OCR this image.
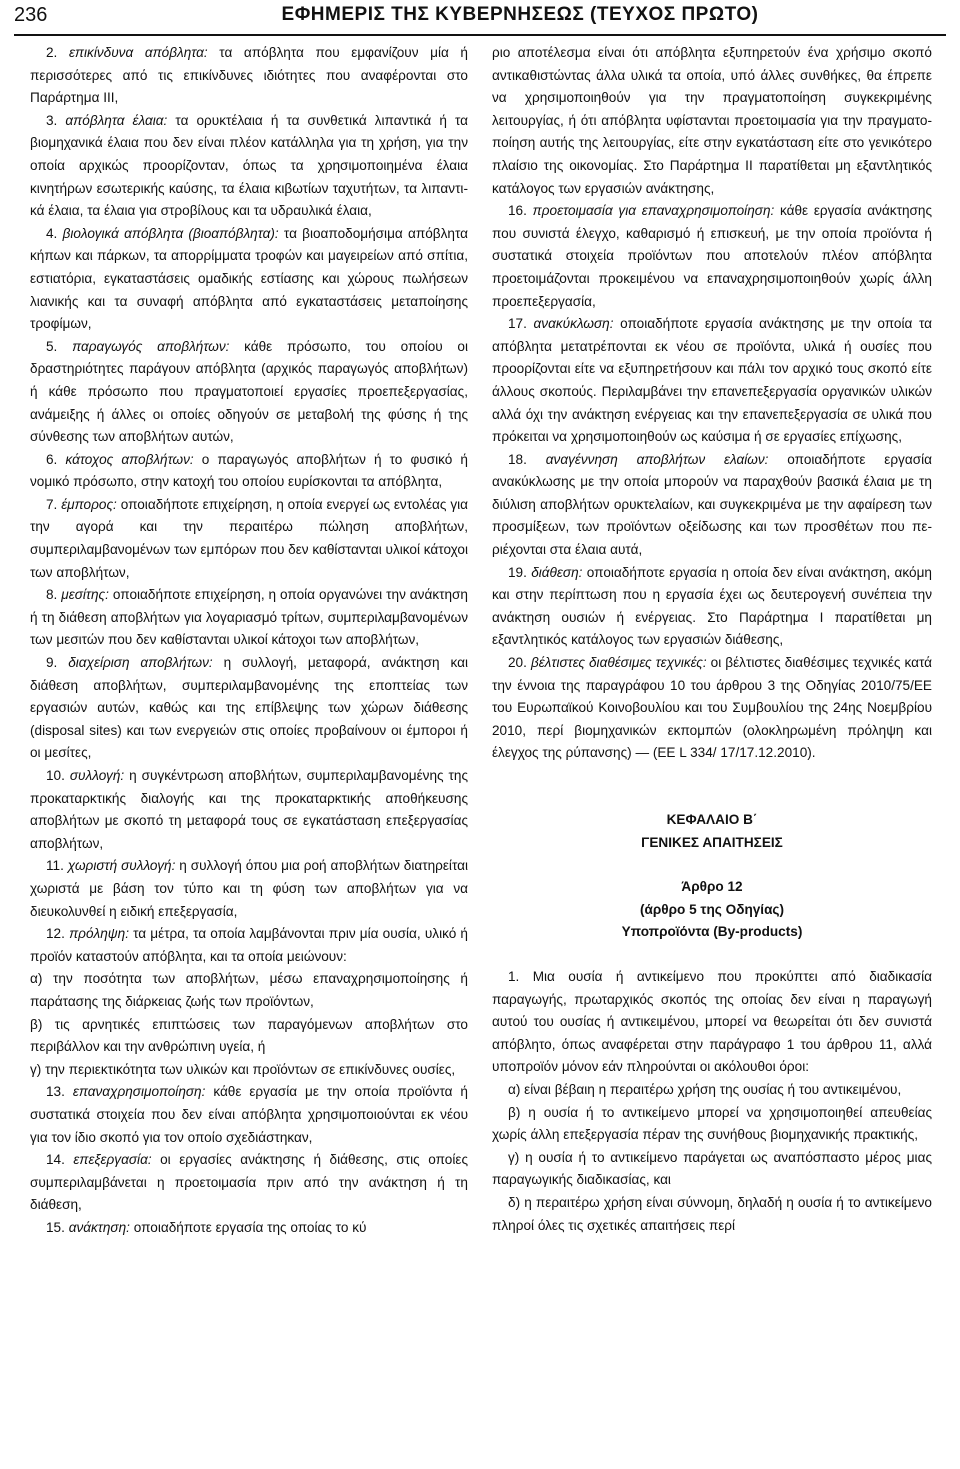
236	ΕΦΗΜΕΡΙΣ ΤΗΣ ΚΥΒΕΡΝΗΣΕΩΣ (ΤΕΥΧΟΣ ΠΡΩΤΟ)

2. επικίνδυνα απόβλητα: τα απόβλητα που εμφανίζουν μία ή περισσότερες από τις επικίνδυνες ιδιότητες που αναφέρονται στο Παράρτημα ΙΙΙ,

3. απόβλητα έλαια: τα ορυκτέλαια ή τα συνθετικά λιπαντικά ή τα βιομηχανικά έλαια που δεν είναι πλέον κατάλληλα για τη χρήση, για την οποία αρχικώς προορίζονταν, όπως τα χρησιμοποιημένα έλαια κινητήρων εσωτερικής καύσης, τα έλαια κιβωτίων ταχυτήτων, τα λιπαντικά έλαια, τα έλαια για στροβίλους και τα υδραυλικά έλαια,

4. βιολογικά απόβλητα (βιοαπόβλητα): τα βιοαποδομήσιμα απόβλητα κήπων και πάρκων, τα απορρίμματα τροφών και μαγειρείων από σπίτια, εστιατόρια, εγκαταστάσεις ομαδικής εστίασης και χώρους πωλήσεων λιανικής και τα συναφή απόβλητα από εγκαταστάσεις μεταποίησης τροφίμων,

5. παραγωγός αποβλήτων: κάθε πρόσωπο, του οποίου οι δραστηριότητες παράγουν απόβλητα (αρχικός παραγωγός αποβλήτων) ή κάθε πρόσωπο που πραγματοποιεί εργασίες προεπεξεργασίας, ανάμειξης ή άλλες οι οποίες οδηγούν σε μεταβολή της φύσης ή της σύνθεσης των αποβλήτων αυτών,

6. κάτοχος αποβλήτων: ο παραγωγός αποβλήτων ή το φυσικό ή νομικό πρόσωπο, στην κατοχή του οποίου ευρίσκονται τα απόβλητα,

7. έμπορος: οποιαδήποτε επιχείρηση, η οποία ενεργεί ως εντολέας για την αγορά και την περαιτέρω πώληση αποβλήτων, συμπεριλαμβανομένων των εμπόρων που δεν καθίστανται υλικοί κάτοχοι των αποβλήτων,

8. μεσίτης: οποιαδήποτε επιχείρηση, η οποία οργανώνει την ανάκτηση ή τη διάθεση αποβλήτων για λογαριασμό τρίτων, συμπεριλαμβανομένων των μεσιτών που δεν καθίστανται υλικοί κάτοχοι των αποβλήτων,

9. διαχείριση αποβλήτων: η συλλογή, μεταφορά, ανάκτηση και διάθεση αποβλήτων, συμπεριλαμβανομένης της εποπτείας των εργασιών αυτών, καθώς και της επίβλεψης των χώρων διάθεσης (disposal sites) και των ενεργειών στις οποίες προβαίνουν οι έμποροι ή οι μεσίτες,

10. συλλογή: η συγκέντρωση αποβλήτων, συμπεριλαμβανομένης της προκαταρκτικής διαλογής και της προκαταρκτικής αποθήκευσης αποβλήτων με σκοπό τη μεταφορά τους σε εγκατάσταση επεξεργασίας αποβλήτων,

11. χωριστή συλλογή: η συλλογή όπου μια ροή αποβλήτων διατηρείται χωριστά με βάση τον τύπο και τη φύση των αποβλήτων για να διευκολυνθεί η ειδική επεξεργασία,

12. πρόληψη: τα μέτρα, τα οποία λαμβάνονται πριν μία ουσία, υλικό ή προϊόν καταστούν απόβλητα, και τα οποία μειώνουν:

α) την ποσότητα των αποβλήτων, μέσω επαναχρησιμοποίησης ή παράτασης της διάρκειας ζωής των προϊόντων,

β) τις αρνητικές επιπτώσεις των παραγόμενων αποβλήτων στο περιβάλλον και την ανθρώπινη υγεία, ή

γ) την περιεκτικότητα των υλικών και προϊόντων σε επικίνδυνες ουσίες,

13. επαναχρησιμοποίηση: κάθε εργασία με την οποία προϊόντα ή συστατικά στοιχεία που δεν είναι απόβλητα χρησιμοποιούνται εκ νέου για τον ίδιο σκοπό για τον οποίο σχεδιάστηκαν,

14. επεξεργασία: οι εργασίες ανάκτησης ή διάθεσης, στις οποίες συμπεριλαμβάνεται η προετοιμασία πριν από την ανάκτηση ή τη διάθεση,

15. ανάκτηση: οποιαδήποτε εργασία της οποίας το κύ

ριο αποτέλεσμα είναι ότι απόβλητα εξυπηρετούν ένα χρήσιμο σκοπό αντικαθιστώντας άλλα υλικά τα οποία, υπό άλλες συνθήκες, θα έπρεπε να χρησιμοποιηθούν για την πραγματοποίηση συγκεκριμένης λειτουργίας, ή ότι απόβλητα υφίστανται προετοιμασία για την πραγματοποίηση αυτής της λειτουργίας, είτε στην εγκατάσταση είτε στο γενικότερο πλαίσιο της οικονομίας. Στο Παράρτημα ΙΙ παρατίθεται μη εξαντλητικός κατάλογος των εργασιών ανάκτησης,

16. προετοιμασία για επαναχρησιμοποίηση: κάθε εργασία ανάκτησης που συνιστά έλεγχο, καθαρισμό ή επισκευή, με την οποία προϊόντα ή συστατικά στοιχεία προϊόντων που αποτελούν πλέον απόβλητα προετοιμάζονται προκειμένου να επαναχρησιμοποιηθούν χωρίς άλλη προεπεξεργασία,

17. ανακύκλωση: οποιαδήποτε εργασία ανάκτησης με την οποία τα απόβλητα μετατρέπονται εκ νέου σε προϊόντα, υλικά ή ουσίες που προορίζονται είτε να εξυπηρετήσουν και πάλι τον αρχικό τους σκοπό είτε άλλους σκοπούς. Περιλαμβάνει την επανεπεξεργασία οργανικών υλικών αλλά όχι την ανάκτηση ενέργειας και την επανεπεξεργασία σε υλικά που πρόκειται να χρησιμοποιηθούν ως καύσιμα ή σε εργασίες επίχωσης,

18. αναγέννηση αποβλήτων ελαίων: οποιαδήποτε εργασία ανακύκλωσης με την οποία μπορούν να παραχθούν βασικά έλαια με τη διύλιση αποβλήτων ορυκτελαίων, και συγκεκριμένα με την αφαίρεση των προσμίξεων, των προϊόντων οξείδωσης και των προσθέτων που περιέχονται στα έλαια αυτά,

19. διάθεση: οποιαδήποτε εργασία η οποία δεν είναι ανάκτηση, ακόμη και στην περίπτωση που η εργασία έχει ως δευτερογενή συνέπεια την ανάκτηση ουσιών ή ενέργειας. Στο Παράρτημα Ι παρατίθεται μη εξαντλητικός κατάλογος των εργασιών διάθεσης,

20. βέλτιστες διαθέσιμες τεχνικές: οι βέλτιστες διαθέσιμες τεχνικές κατά την έννοια της παραγράφου 10 του άρθρου 3 της Οδηγίας 2010/75/ΕΕ του Ευρωπαϊκού Κοινοβουλίου και του Συμβουλίου της 24ης Νοεμβρίου 2010, περί βιομηχανικών εκπομπών (ολοκληρωμένη πρόληψη και έλεγχος της ρύπανσης) — (ΕΕ L 334/ 17/17.12.2010).

ΚΕΦΑΛΑΙΟ Β΄

ΓΕΝΙΚΕΣ ΑΠΑΙΤΗΣΕΙΣ

Άρθρο 12

(άρθρο 5 της Οδηγίας)

Υποπροϊόντα (By-products)

1. Μια ουσία ή αντικείμενο που προκύπτει από διαδικασία παραγωγής, πρωταρχικός σκοπός της οποίας δεν είναι η παραγωγή αυτού του ουσίας ή αντικειμένου, μπορεί να θεωρείται ότι δεν συνιστά απόβλητο, όπως αναφέρεται στην παράγραφο 1 του άρθρου 11, αλλά υποπροϊόν μόνον εάν πληρούνται οι ακόλουθοι όροι:

α) είναι βέβαιη η περαιτέρω χρήση της ουσίας ή του αντικειμένου,

β) η ουσία ή το αντικείμενο μπορεί να χρησιμοποιηθεί απευθείας χωρίς άλλη επεξεργασία πέραν της συνήθους βιομηχανικής πρακτικής,

γ) η ουσία ή το αντικείμενο παράγεται ως αναπόσπαστο μέρος μιας παραγωγικής διαδικασίας, και

δ) η περαιτέρω χρήση είναι σύννομη, δηλαδή η ουσία ή το αντικείμενο πληροί όλες τις σχετικές απαιτήσεις περί
